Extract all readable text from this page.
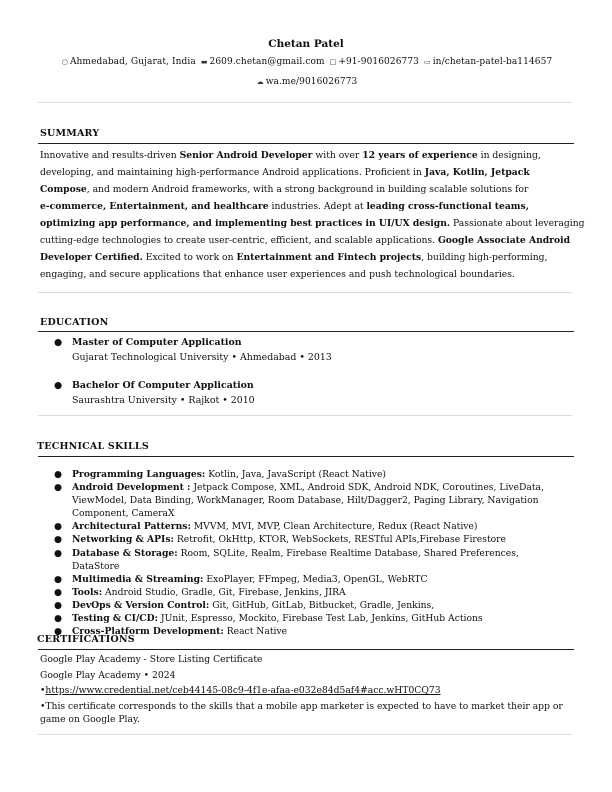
Chetan Patel
○ Ahmedabad, Gujarat, India ▬ 2609.chetan@gmail.com □ +91-9016026773 ▭ in/chetan-patel-ba114657
☁ wa.me/9016026773
SUMMARY
Innovative and results-driven Senior Android Developer with over 12 years of experience in designing,
developing, and maintaining high-performance Android applications. Proficient in Java, Kotlin, Jetpack
Compose, and modern Android frameworks, with a strong background in building scalable solutions for
e-commerce, Entertainment, and healthcare industries. Adept at leading cross-functional teams,
optimizing app performance, and implementing best practices in UI/UX design. Passionate about leveraging
cutting-edge technologies to create user-centric, efficient, and scalable applications. Google Associate Android
Developer Certified. Excited to work on Entertainment and Fintech projects, building high-performing,
engaging, and secure applications that enhance user experiences and push technological boundaries.
EDUCATION
● Master of Computer Application
Gujarat Technological University • Ahmedabad • 2013
● Bachelor Of Computer Application
Saurashtra University • Rajkot • 2010
TECHNICAL SKILLS
● Programming Languages: Kotlin, Java, JavaScript (React Native)
● Android Development : Jetpack Compose, XML, Android SDK, Android NDK, Coroutines, LiveData, ViewModel, Data Binding, WorkManager, Room Database, Hilt/Dagger2, Paging Library, Navigation Component, CameraX
● Architectural Patterns: MVVM, MVI, MVP, Clean Architecture, Redux (React Native)
● Networking & APIs: Retrofit, OkHttp, KTOR, WebSockets, RESTful APIs,Firebase Firestore
● Database & Storage: Room, SQLite, Realm, Firebase Realtime Database, Shared Preferences, DataStore
● Multimedia & Streaming: ExoPlayer, FFmpeg, Media3, OpenGL, WebRTC
● Tools: Android Studio, Gradle, Git, Firebase, Jenkins, JIRA
● DevOps & Version Control: Git, GitHub, GitLab, Bitbucket, Gradle, Jenkins,
● Testing & CI/CD: JUnit, Espresso, Mockito, Firebase Test Lab, Jenkins, GitHub Actions
● Cross-Platform Development: React Native
CERTIFICATIONS
Google Play Academy - Store Listing Certificate
Google Play Academy • 2024
•https://www.credential.net/ceb44145-08c9-4f1e-afaa-e032e84d5af4#acc.wHT0CQ73
•This certificate corresponds to the skills that a mobile app marketer is expected to have to market their app or game on Google Play.
